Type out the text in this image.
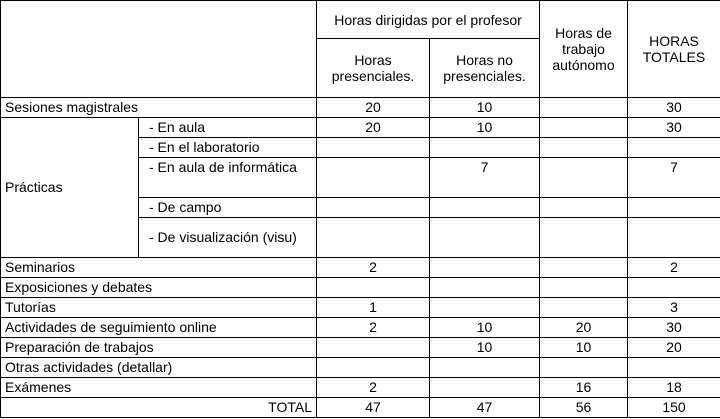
		Horas dirigidas por el profesor		Horas de trabajo autónomo	HORAS TOTALES
		Horas presenciales.	Horas no presenciales.		
Sesiones magistrales		20	10		30
Prácticas	- En aula	20	10		30
	- En el laboratorio				
	- En aula de informática		7		7
	- De campo				
	- De visualización (visu)				
Seminarios		2			2
Exposiciones y debates					
Tutorías		1			3
Actividades de seguimiento online		2	10	20	30
Preparación de trabajos			10	10	20
Otras actividades (detallar)					
Exámenes		2		16	18
TOTAL		47	47	56	150
